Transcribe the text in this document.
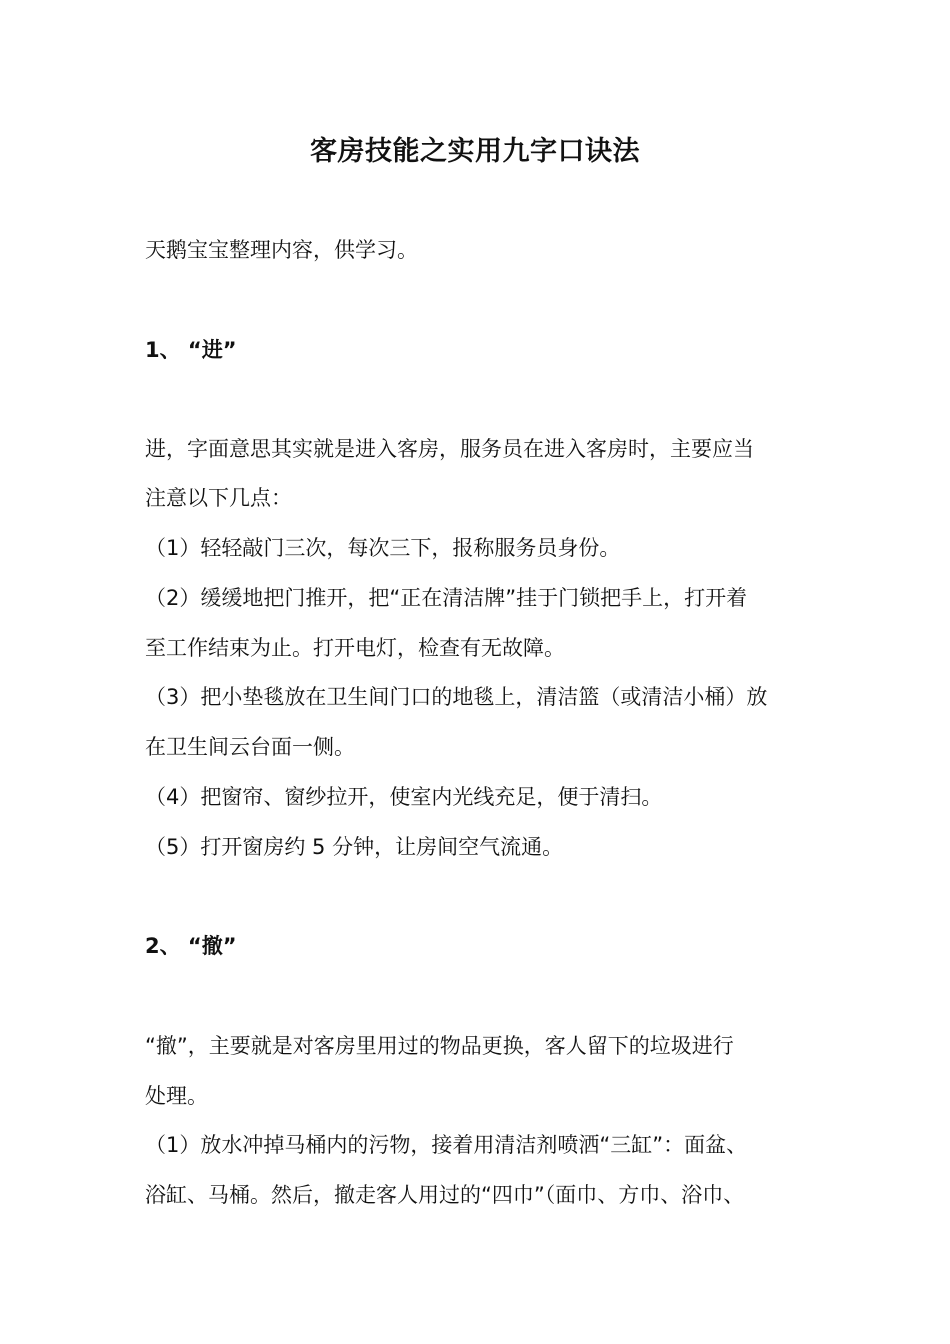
客房技能之实用九字口诀法
天鹅宝宝整理内容，供学习。
1、 “进”
进，字面意思其实就是进入客房，服务员在进入客房时，主要应当
注意以下几点：
（1）轻轻敲门三次，每次三下，报称服务员身份。
（2）缓缓地把门推开，把“正在清洁牌”挂于门锁把手上，打开着
至工作结束为止。打开电灯，检查有无故障。
（3）把小垫毯放在卫生间门口的地毯上，清洁篮（或清洁小桶）放
在卫生间云台面一侧。
（4）把窗帘、窗纱拉开，使室内光线充足，便于清扫。
（5）打开窗房约 5 分钟，让房间空气流通。
2、 “撤”
“撤”，主要就是对客房里用过的物品更换，客人留下的垃圾进行
处理。
（1）放水冲掉马桶内的污物，接着用清洁剂喷洒“三缸”：面盆、
浴缸、马桶。然后，撤走客人用过的“四巾”（面巾、方巾、浴巾、
